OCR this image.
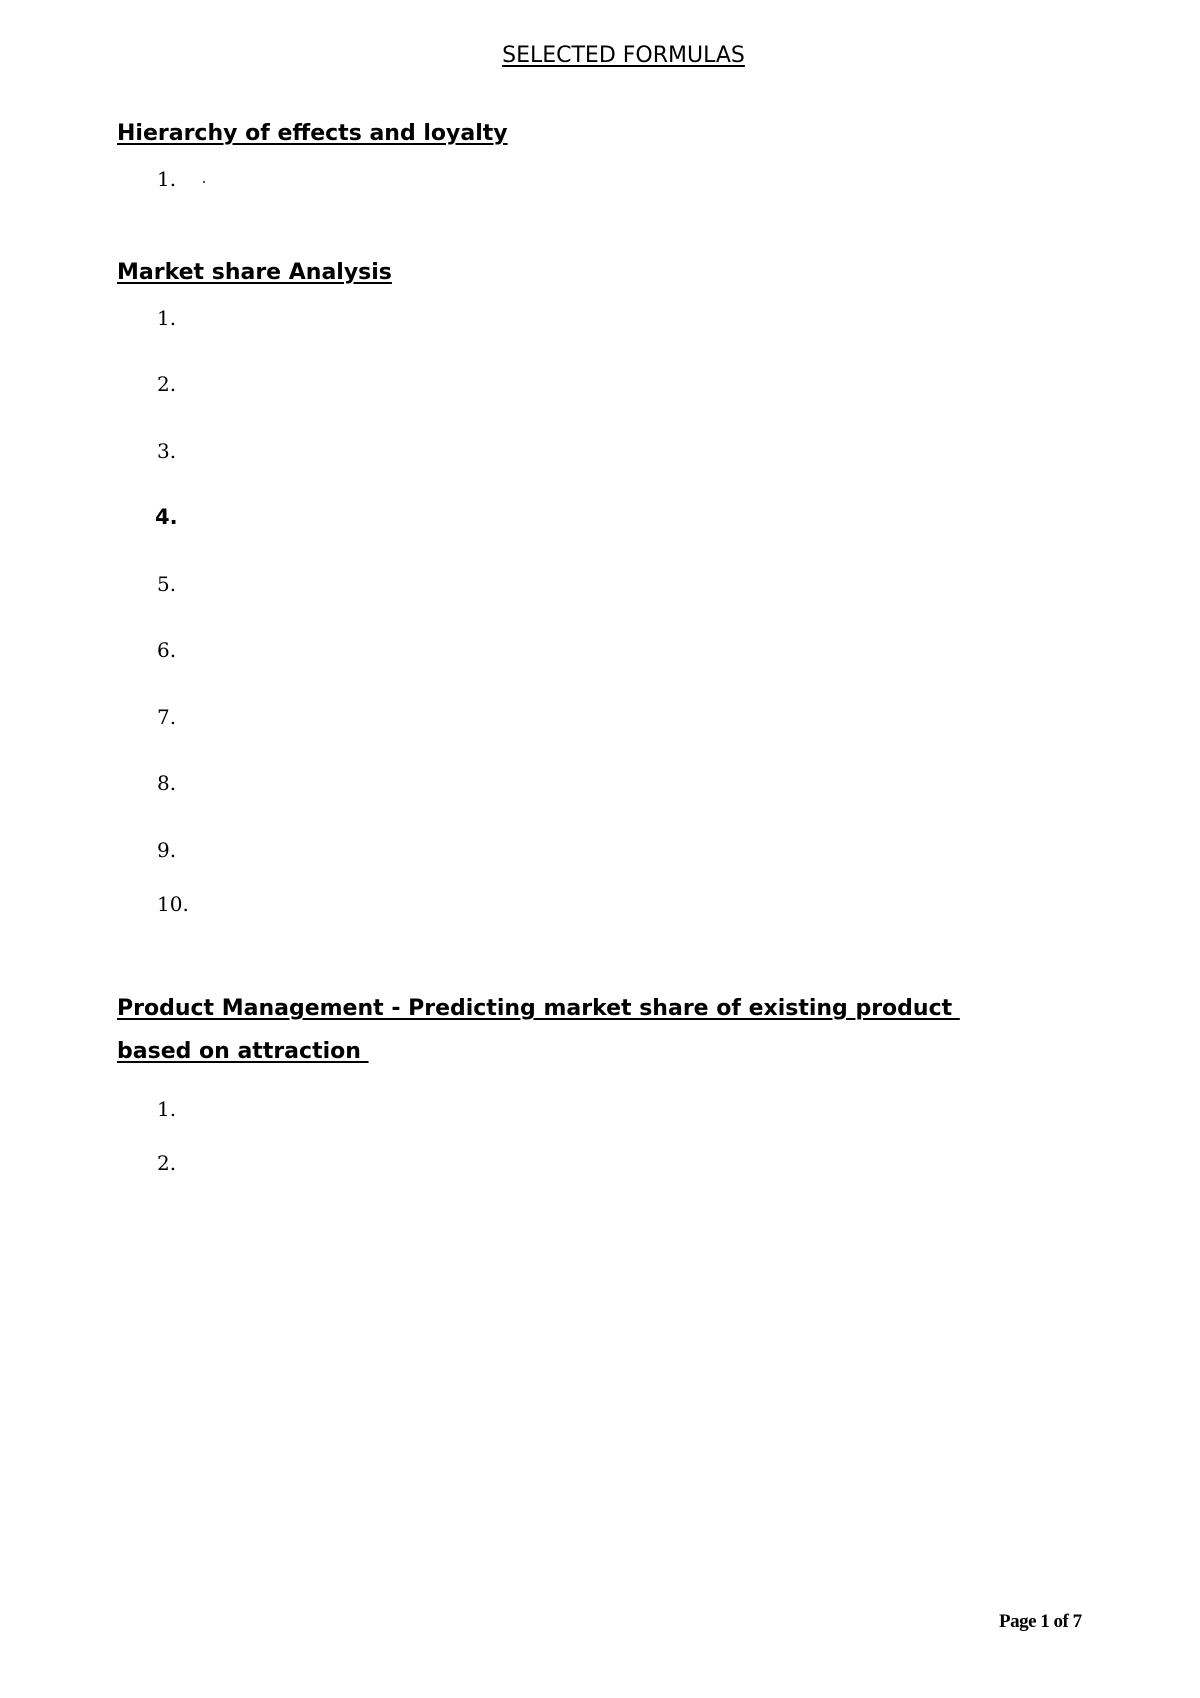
SELECTED FORMULAS
Hierarchy of effects and loyalty
1.
Market share Analysis
1.
2.
3.
4.
5.
6.
7.
8.
9.
10.
Product Management - Predicting market share of existing product
based on attraction
1.
2.
Page 1 of 7
